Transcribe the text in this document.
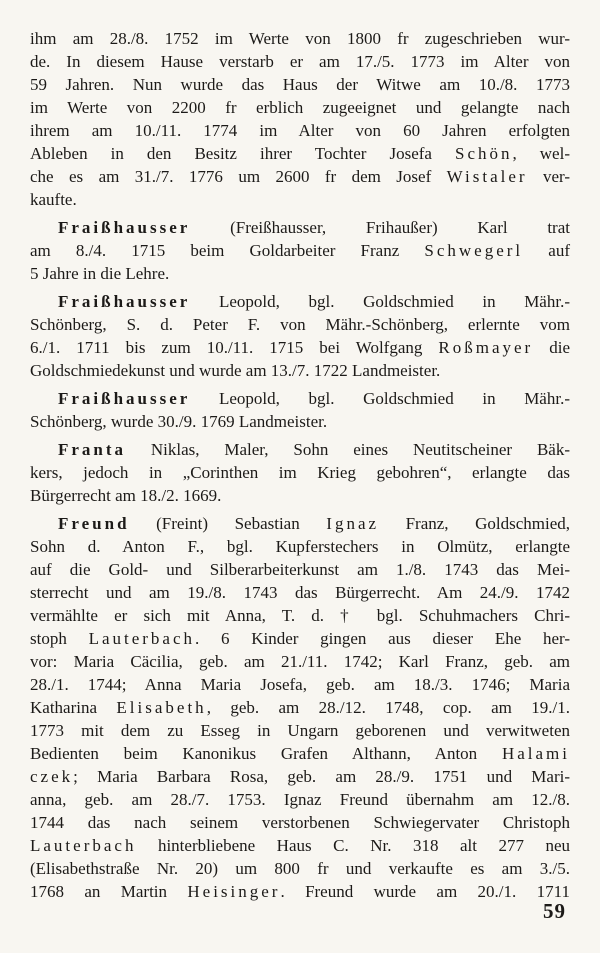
ihm am 28./8. 1752 im Werte von 1800 fr zugeschrieben wur-
de. In diesem Hause verstarb er am 17./5. 1773 im Alter von
59 Jahren. Nun wurde das Haus der Witwe am 10./8. 1773
im Werte von 2200 fr erblich zugeeignet und gelangte nach
ihrem am 10./11. 1774 im Alter von 60 Jahren erfolgten
Ableben in den Besitz ihrer Tochter Josefa Schön, wel-
che es am 31./7. 1776 um 2600 fr dem Josef Wistaler ver-
kaufte.
Fraißhausser (Freißhausser, Frihaußer) Karl trat
am 8./4. 1715 beim Goldarbeiter Franz Schwegerl auf
5 Jahre in die Lehre.
Fraißhausser Leopold, bgl. Goldschmied in Mähr.-
Schönberg, S. d. Peter F. von Mähr.-Schönberg, erlernte vom
6./1. 1711 bis zum 10./11. 1715 bei Wolfgang Roßmayer die
Goldschmiedekunst und wurde am 13./7. 1722 Landmeister.
Fraißhausser Leopold, bgl. Goldschmied in Mähr.-
Schönberg, wurde 30./9. 1769 Landmeister.
Franta Niklas, Maler, Sohn eines Neutitscheiner Bäk-
kers, jedoch in „Corinthen im Krieg gebohren“, erlangte das
Bürgerrecht am 18./2. 1669.
Freund (Freint) Sebastian Ignaz Franz, Goldschmied,
Sohn d. Anton F., bgl. Kupferstechers in Olmütz, erlangte
auf die Gold- und Silberarbeiterkunst am 1./8. 1743 das Mei-
sterrecht und am 19./8. 1743 das Bürgerrecht. Am 24./9. 1742
vermählte er sich mit Anna, T. d. † bgl. Schuhmachers Chri-
stoph Lauterbach. 6 Kinder gingen aus dieser Ehe her-
vor: Maria Cäcilia, geb. am 21./11. 1742; Karl Franz, geb. am
28./1. 1744; Anna Maria Josefa, geb. am 18./3. 1746; Maria
Katharina Elisabeth, geb. am 28./12. 1748, cop. am 19./1.
1773 mit dem zu Esseg in Ungarn geborenen und verwitweten
Bedienten beim Kanonikus Grafen Althann, Anton Halami
czek; Maria Barbara Rosa, geb. am 28./9. 1751 und Mari-
anna, geb. am 28./7. 1753. Ignaz Freund übernahm am 12./8.
1744 das nach seinem verstorbenen Schwiegervater Christoph
Lauterbach hinterbliebene Haus C. Nr. 318 alt 277 neu
(Elisabethstraße Nr. 20) um 800 fr und verkaufte es am 3./5.
1768 an Martin Heisinger. Freund wurde am 20./1. 1711
59
